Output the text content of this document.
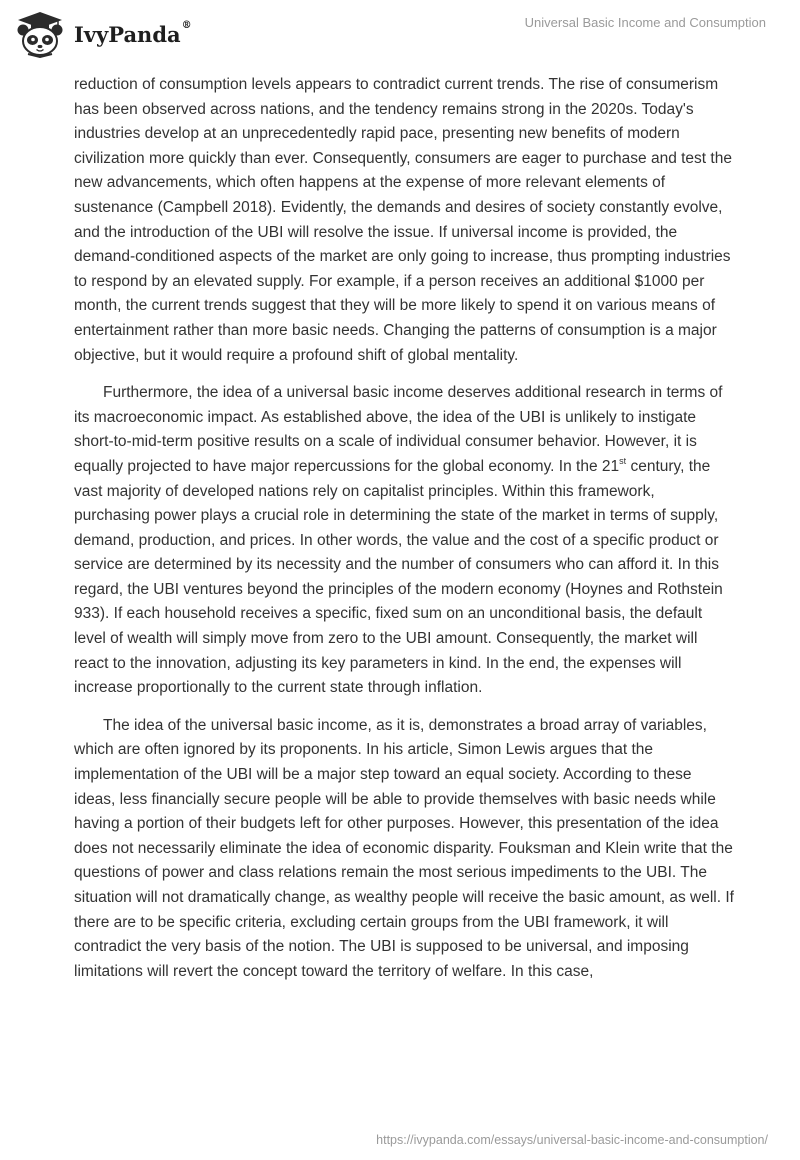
IvyPanda®	Universal Basic Income and Consumption

reduction of consumption levels appears to contradict current trends. The rise of consumerism has been observed across nations, and the tendency remains strong in the 2020s. Today's industries develop at an unprecedentedly rapid pace, presenting new benefits of modern civilization more quickly than ever. Consequently, consumers are eager to purchase and test the new advancements, which often happens at the expense of more relevant elements of sustenance (Campbell 2018). Evidently, the demands and desires of society constantly evolve, and the introduction of the UBI will resolve the issue. If universal income is provided, the demand-conditioned aspects of the market are only going to increase, thus prompting industries to respond by an elevated supply. For example, if a person receives an additional $1000 per month, the current trends suggest that they will be more likely to spend it on various means of entertainment rather than more basic needs. Changing the patterns of consumption is a major objective, but it would require a profound shift of global mentality.

Furthermore, the idea of a universal basic income deserves additional research in terms of its macroeconomic impact. As established above, the idea of the UBI is unlikely to instigate short-to-mid-term positive results on a scale of individual consumer behavior. However, it is equally projected to have major repercussions for the global economy. In the 21st century, the vast majority of developed nations rely on capitalist principles. Within this framework, purchasing power plays a crucial role in determining the state of the market in terms of supply, demand, production, and prices. In other words, the value and the cost of a specific product or service are determined by its necessity and the number of consumers who can afford it. In this regard, the UBI ventures beyond the principles of the modern economy (Hoynes and Rothstein 933). If each household receives a specific, fixed sum on an unconditional basis, the default level of wealth will simply move from zero to the UBI amount. Consequently, the market will react to the innovation, adjusting its key parameters in kind. In the end, the expenses will increase proportionally to the current state through inflation.

The idea of the universal basic income, as it is, demonstrates a broad array of variables, which are often ignored by its proponents. In his article, Simon Lewis argues that the implementation of the UBI will be a major step toward an equal society. According to these ideas, less financially secure people will be able to provide themselves with basic needs while having a portion of their budgets left for other purposes. However, this presentation of the idea does not necessarily eliminate the idea of economic disparity. Fouksman and Klein write that the questions of power and class relations remain the most serious impediments to the UBI. The situation will not dramatically change, as wealthy people will receive the basic amount, as well. If there are to be specific criteria, excluding certain groups from the UBI framework, it will contradict the very basis of the notion. The UBI is supposed to be universal, and imposing limitations will revert the concept toward the territory of welfare. In this case,

https://ivypanda.com/essays/universal-basic-income-and-consumption/
